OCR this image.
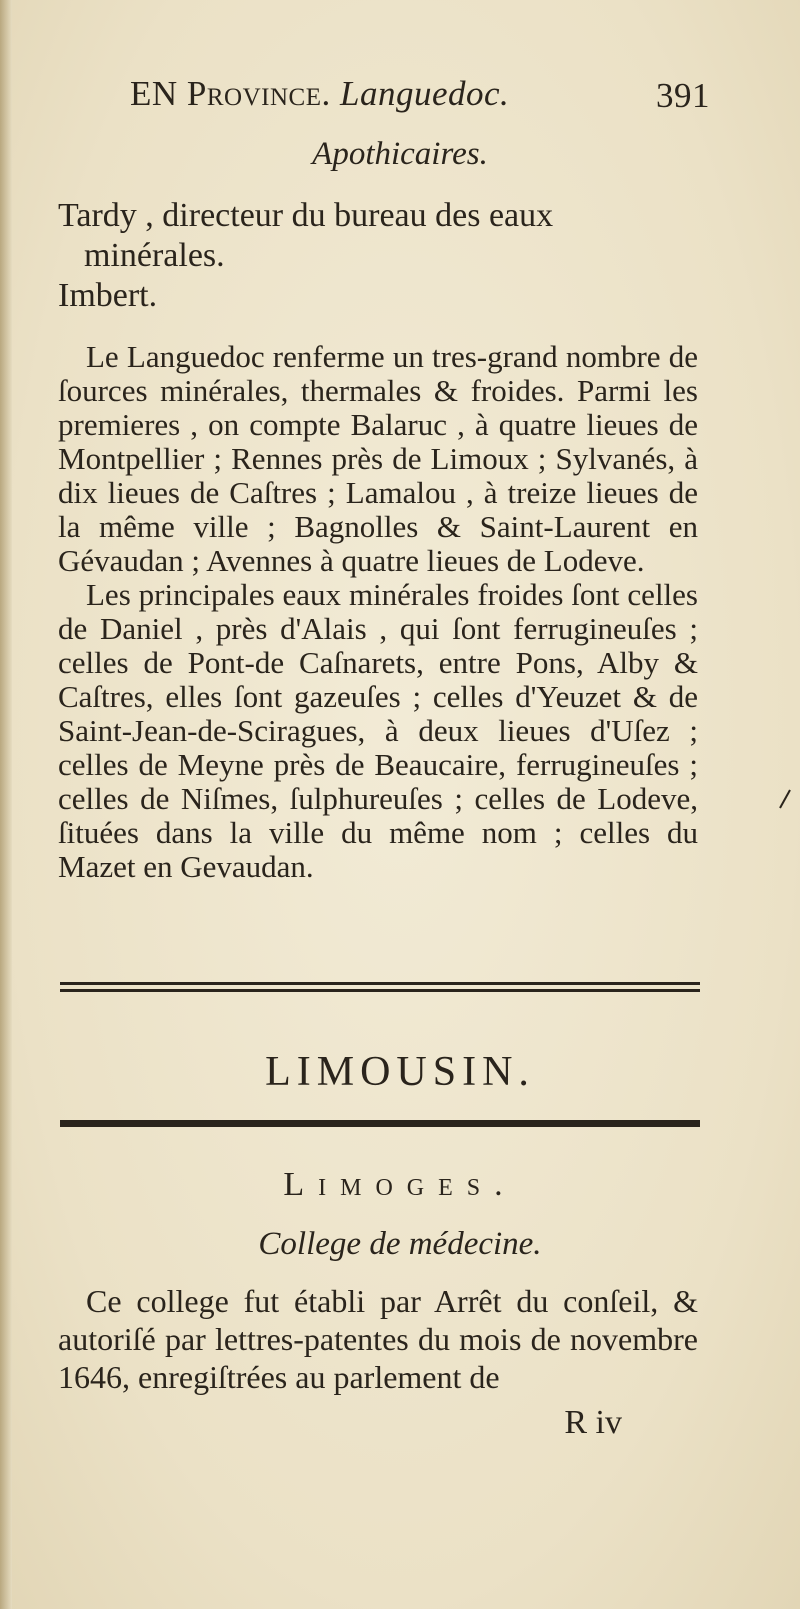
EN Province. Languedoc.	391
Apothicaires.
Tardy , directeur du bureau des eaux
minérales.
Imbert.

Le Languedoc renferme un tres-grand nombre de ſources minérales, thermales & froides. Parmi les premieres , on compte Balaruc , à quatre lieues de Montpellier ; Rennes près de Limoux ; Sylvanés, à dix lieues de Caſtres ; Lamalou , à treize lieues de la même ville ; Bagnolles & Saint-Laurent en Gévaudan ; Avennes à quatre lieues de Lodeve.

Les principales eaux minérales froides ſont celles de Daniel , près d'Alais , qui ſont ferrugineuſes ; celles de Pont-de Caſnarets, entre Pons, Alby & Caſtres, elles ſont gazeuſes ; celles d'Yeuzet & de Saint-Jean-de-Sciragues, à deux lieues d'Uſez ; celles de Meyne près de Beaucaire, ferrugineuſes ; celles de Niſmes, ſulphureuſes ; celles de Lodeve, ſituées dans la ville du même nom ; celles du Mazet en Gevaudan.

LIMOUSIN.
Limoges.
College de médecine.

Ce college fut établi par Arrêt du conſeil, & autoriſé par lettres-patentes du mois de novembre 1646, enregiſtrées au parlement de

R iv
